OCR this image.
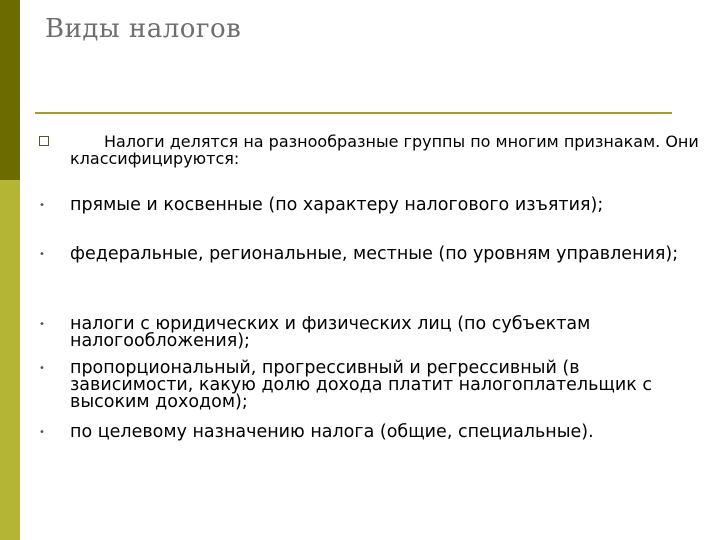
Виды налогов
Налоги делятся на разнообразные группы по многим признакам. Они классифицируются:
• прямые и косвенные (по характеру налогового изъятия);
• федеральные, региональные, местные (по уровням управления);
• налоги с юридических и физических лиц (по субъектам налогообложения);
• пропорциональный, прогрессивный и регрессивный (в зависимости, какую долю дохода платит налогоплательщик с высоким доходом);
• по целевому назначению налога (общие, специальные).
